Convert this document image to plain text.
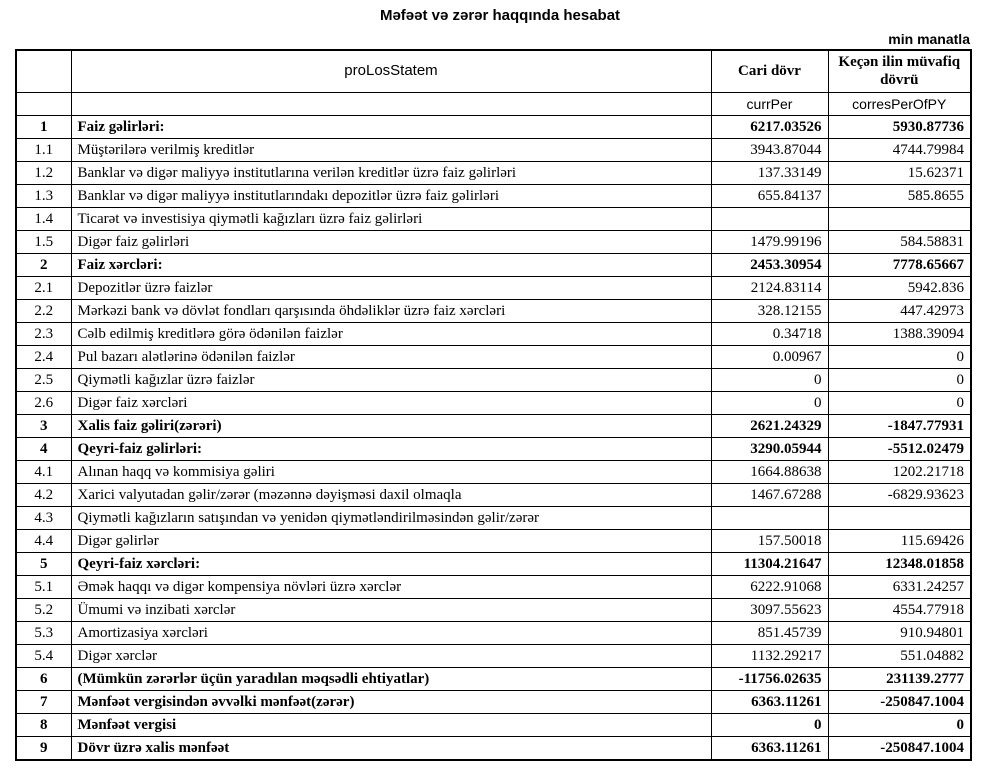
Məfəət və zərər haqqında hesabat
min manatla
	proLosStatem	Cari dövr	Keçən ilin müvafiq dövrü
		currPer	corresPerOfPY
1	Faiz gəlirləri:	6217.03526	5930.87736
1.1	Müştərilərə verilmiş kreditlər	3943.87044	4744.79984
1.2	Banklar və digər maliyyə institutlarına verilən kreditlər üzrə faiz gəlirləri	137.33149	15.62371
1.3	Banklar və digər maliyyə institutlarındakı depozitlər üzrə faiz gəlirləri	655.84137	585.8655
1.4	Ticarət və investisiya qiymətli kağızları üzrə faiz gəlirləri		
1.5	Digər faiz gəlirləri	1479.99196	584.58831
2	Faiz xərcləri:	2453.30954	7778.65667
2.1	Depozitlər üzrə faizlər	2124.83114	5942.836
2.2	Mərkəzi bank və dövlət fondları qarşısında öhdəliklər üzrə faiz xərcləri	328.12155	447.42973
2.3	Cəlb edilmiş kreditlərə görə ödənilən faizlər	0.34718	1388.39094
2.4	Pul bazarı alətlərinə ödənilən faizlər	0.00967	0
2.5	Qiymətli kağızlar üzrə faizlər	0	0
2.6	Digər faiz xərcləri	0	0
3	Xalis faiz gəliri(zərəri)	2621.24329	-1847.77931
4	Qeyri-faiz gəlirləri:	3290.05944	-5512.02479
4.1	Alınan haqq və kommisiya gəliri	1664.88638	1202.21718
4.2	Xarici valyutadan gəlir/zərər (məzənnə dəyişməsi daxil olmaqla	1467.67288	-6829.93623
4.3	Qiymətli kağızların satışından və yenidən qiymətləndirilməsindən gəlir/zərər		
4.4	Digər gəlirlər	157.50018	115.69426
5	Qeyri-faiz xərcləri:	11304.21647	12348.01858
5.1	Əmək haqqı və digər kompensiya növləri üzrə xərclər	6222.91068	6331.24257
5.2	Ümumi və inzibati xərclər	3097.55623	4554.77918
5.3	Amortizasiya xərcləri	851.45739	910.94801
5.4	Digər xərclər	1132.29217	551.04882
6	(Mümkün zərərlər üçün yaradılan məqsədli ehtiyatlar)	-11756.02635	231139.2777
7	Mənfəət vergisindən əvvəlki mənfəət(zərər)	6363.11261	-250847.1004
8	Mənfəət vergisi	0	0
9	Dövr üzrə xalis mənfəət	6363.11261	-250847.1004
